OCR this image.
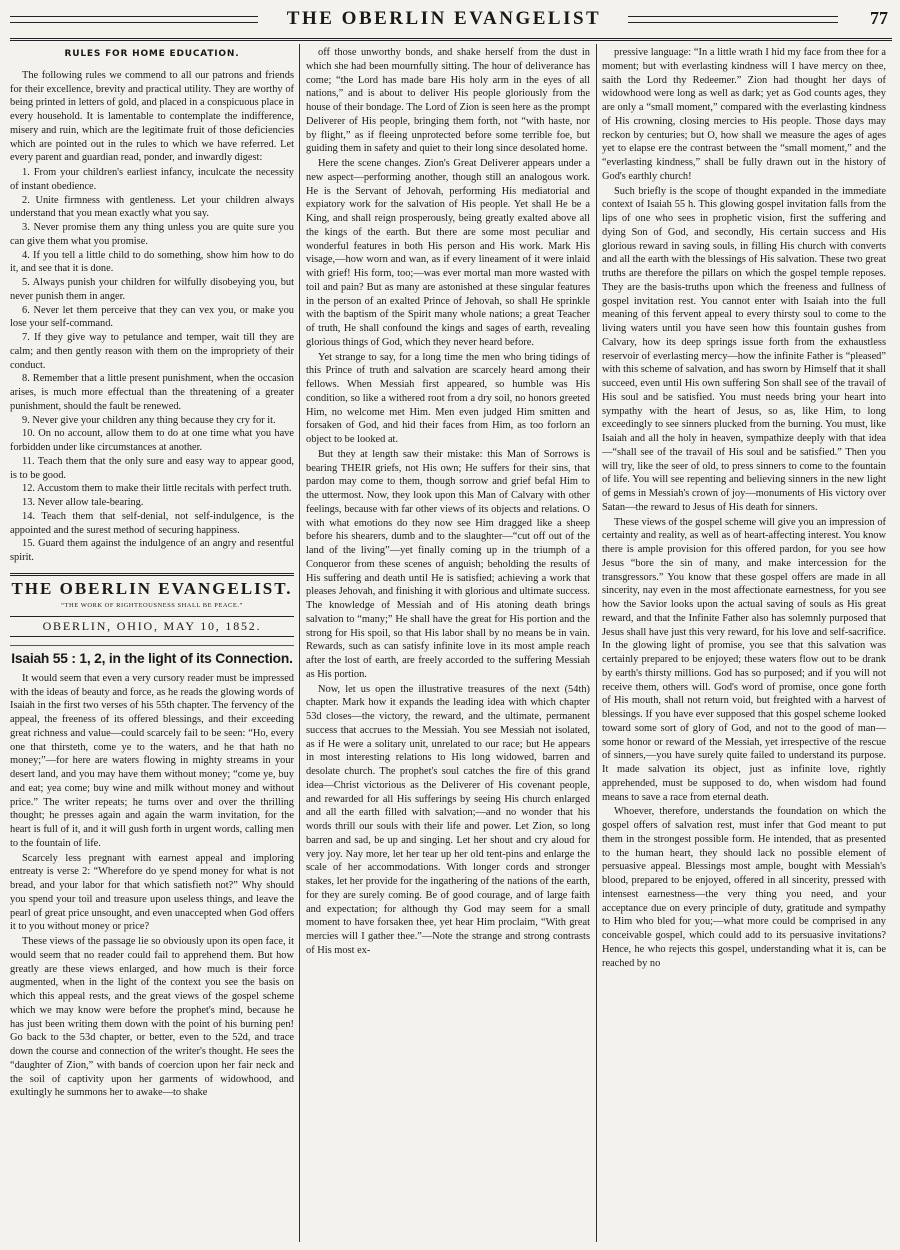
THE OBERLIN EVANGELIST	77
RULES FOR HOME EDUCATION.

The following rules we commend to all our patrons and friends for their excellence, brevity and practical utility. They are worthy of being printed in letters of gold, and placed in a conspicuous place in every household. It is lamentable to contemplate the indifference, misery and ruin, which are the legitimate fruit of those deficiencies which are pointed out in the rules to which we have referred. Let every parent and guardian read, ponder, and inwardly digest:

1. From your children's earliest infancy, inculcate the necessity of instant obedience.

2. Unite firmness with gentleness. Let your children always understand that you mean exactly what you say.

3. Never promise them any thing unless you are quite sure you can give them what you promise.

4. If you tell a little child to do something, show him how to do it, and see that it is done.

5. Always punish your children for wilfully disobeying you, but never punish them in anger.

6. Never let them perceive that they can vex you, or make you lose your self-command.

7. If they give way to petulance and temper, wait till they are calm; and then gently reason with them on the impropriety of their conduct.

8. Remember that a little present punishment, when the occasion arises, is much more effectual than the threatening of a greater punishment, should the fault be renewed.

9. Never give your children any thing because they cry for it.

10. On no account, allow them to do at one time what you have forbidden under like circumstances at another.

11. Teach them that the only sure and easy way to appear good, is to be good.

12. Accustom them to make their little recitals with perfect truth.

13. Never allow tale-bearing.

14. Teach them that self-denial, not self-indulgence, is the appointed and the surest method of securing happiness.

15. Guard them against the indulgence of an angry and resentful spirit.

THE OBERLIN EVANGELIST.
“THE WORK OF RIGHTEOUSNESS SHALL BE PEACE.”
OBERLIN, OHIO, MAY 10, 1852.
Isaiah 55 : 1, 2, in the light of its Connection.

It would seem that even a very cursory reader must be impressed with the ideas of beauty and force, as he reads the glowing words of Isaiah in the first two verses of his 55th chapter. The fervency of the appeal, the freeness of its offered blessings, and their exceeding great richness and value—could scarcely fail to be seen: “Ho, every one that thirsteth, come ye to the waters, and he that hath no money;”—for here are waters flowing in mighty streams in your desert land, and you may have them without money; “come ye, buy and eat; yea come; buy wine and milk without money and without price.” The writer repeats; he turns over and over the thrilling thought; he presses again and again the warm invitation, for the heart is full of it, and it will gush forth in urgent words, calling men to the fountain of life.

Scarcely less pregnant with earnest appeal and imploring entreaty is verse 2: “Wherefore do ye spend money for what is not bread, and your labor for that which satisfieth not?” Why should you spend your toil and treasure upon useless things, and leave the pearl of great price unsought, and even unaccepted when God offers it to you without money or price?

These views of the passage lie so obviously upon its open face, it would seem that no reader could fail to apprehend them. But how greatly are these views enlarged, and how much is their force augmented, when in the light of the context you see the basis on which this appeal rests, and the great views of the gospel scheme which we may know were before the prophet's mind, because he has just been writing them down with the point of his burning pen! Go back to the 53d chapter, or better, even to the 52d, and trace down the course and connection of the writer's thought. He sees the “daughter of Zion,” with bands of coercion upon her fair neck and the soil of captivity upon her garments of widowhood, and exultingly he summons her to awake—to shake

off those unworthy bonds, and shake herself from the dust in which she had been mournfully sitting. The hour of deliverance has come; “the Lord has made bare His holy arm in the eyes of all nations,” and is about to deliver His people gloriously from the house of their bondage. The Lord of Zion is seen here as the prompt Deliverer of His people, bringing them forth, not “with haste, nor by flight,” as if fleeing unprotected before some terrible foe, but guiding them in safety and quiet to their long since desolated home.

Here the scene changes. Zion's Great Deliverer appears under a new aspect—performing another, though still an analogous work. He is the Servant of Jehovah, performing His mediatorial and expiatory work for the salvation of His people. Yet shall He be a King, and shall reign prosperously, being greatly exalted above all the kings of the earth. But there are some most peculiar and wonderful features in both His person and His work. Mark His visage,—how worn and wan, as if every lineament of it were inlaid with grief! His form, too;—was ever mortal man more wasted with toil and pain? But as many are astonished at these singular features in the person of an exalted Prince of Jehovah, so shall He sprinkle with the baptism of the Spirit many whole nations; a great Teacher of truth, He shall confound the kings and sages of earth, revealing glorious things of God, which they never heard before.

Yet strange to say, for a long time the men who bring tidings of this Prince of truth and salvation are scarcely heard among their fellows. When Messiah first appeared, so humble was His condition, so like a withered root from a dry soil, no honors greeted Him, no welcome met Him. Men even judged Him smitten and forsaken of God, and hid their faces from Him, as too forlorn an object to be looked at.

But they at length saw their mistake: this Man of Sorrows is bearing THEIR griefs, not His own; He suffers for their sins, that pardon may come to them, though sorrow and grief befal Him to the uttermost. Now, they look upon this Man of Calvary with other feelings, because with far other views of its objects and relations. O with what emotions do they now see Him dragged like a sheep before his shearers, dumb and to the slaughter—“cut off out of the land of the living”—yet finally coming up in the triumph of a Conqueror from these scenes of anguish; beholding the results of His suffering and death until He is satisfied; achieving a work that pleases Jehovah, and finishing it with glorious and ultimate success. The knowledge of Messiah and of His atoning death brings salvation to “many;” He shall have the great for His portion and the strong for His spoil, so that His labor shall by no means be in vain. Rewards, such as can satisfy infinite love in its most ample reach after the lost of earth, are freely accorded to the suffering Messiah as His portion.

Now, let us open the illustrative treasures of the next (54th) chapter. Mark how it expands the leading idea with which chapter 53d closes—the victory, the reward, and the ultimate, permanent success that accrues to the Messiah. You see Messiah not isolated, as if He were a solitary unit, unrelated to our race; but He appears in most interesting relations to His long widowed, barren and desolate church. The prophet's soul catches the fire of this grand idea—Christ victorious as the Deliverer of His covenant people, and rewarded for all His sufferings by seeing His church enlarged and all the earth filled with salvation;—and no wonder that his words thrill our souls with their life and power. Let Zion, so long barren and sad, be up and singing. Let her shout and cry aloud for very joy. Nay more, let her tear up her old tent-pins and enlarge the scale of her accommodations. With longer cords and stronger stakes, let her provide for the ingathering of the nations of the earth, for they are surely coming. Be of good courage, and of large faith and expectation; for although thy God may seem for a small moment to have forsaken thee, yet hear Him proclaim, “With great mercies will I gather thee.”—Note the strange and strong contrasts of His most ex-

pressive language: “In a little wrath I hid my face from thee for a moment; but with everlasting kindness will I have mercy on thee, saith the Lord thy Redeemer.” Zion had thought her days of widowhood were long as well as dark; yet as God counts ages, they are only a “small moment,” compared with the everlasting kindness of His crowning, closing mercies to His people. Those days may reckon by centuries; but O, how shall we measure the ages of ages yet to elapse ere the contrast between the “small moment,” and the “everlasting kindness,” shall be fully drawn out in the history of God's earthly church!

Such briefly is the scope of thought expanded in the immediate context of Isaiah 55 h. This glowing gospel invitation falls from the lips of one who sees in prophetic vision, first the suffering and dying Son of God, and secondly, His certain success and His glorious reward in saving souls, in filling His church with converts and all the earth with the blessings of His salvation. These two great truths are therefore the pillars on which the gospel temple reposes. They are the basis-truths upon which the freeness and fullness of gospel invitation rest. You cannot enter with Isaiah into the full meaning of this fervent appeal to every thirsty soul to come to the living waters until you have seen how this fountain gushes from Calvary, how its deep springs issue forth from the exhaustless reservoir of everlasting mercy—how the infinite Father is “pleased” with this scheme of salvation, and has sworn by Himself that it shall succeed, even until His own suffering Son shall see of the travail of His soul and be satisfied. You must needs bring your heart into sympathy with the heart of Jesus, so as, like Him, to long exceedingly to see sinners plucked from the burning. You must, like Isaiah and all the holy in heaven, sympathize deeply with that idea—“shall see of the travail of His soul and be satisfied.” Then you will try, like the seer of old, to press sinners to come to the fountain of life. You will see repenting and believing sinners in the new light of gems in Messiah's crown of joy—monuments of His victory over Satan—the reward to Jesus of His death for sinners.

These views of the gospel scheme will give you an impression of certainty and reality, as well as of heart-affecting interest. You know there is ample provision for this offered pardon, for you see how Jesus “bore the sin of many, and make intercession for the transgressors.” You know that these gospel offers are made in all sincerity, nay even in the most affectionate earnestness, for you see how the Savior looks upon the actual saving of souls as His great reward, and that the Infinite Father also has solemnly purposed that Jesus shall have just this very reward, for his love and self-sacrifice. In the glowing light of promise, you see that this salvation was certainly prepared to be enjoyed; these waters flow out to be drank by earth's thirsty millions. God has so purposed; and if you will not receive them, others will. God's word of promise, once gone forth of His mouth, shall not return void, but freighted with a harvest of blessings. If you have ever supposed that this gospel scheme looked toward some sort of glory of God, and not to the good of man—some honor or reward of the Messiah, yet irrespective of the rescue of sinners,—you have surely quite failed to understand its purpose. It made salvation its object, just as infinite love, rightly apprehended, must be supposed to do, when wisdom had found means to save a race from eternal death.

Whoever, therefore, understands the foundation on which the gospel offers of salvation rest, must infer that God meant to put them in the strongest possible form. He intended, that as presented to the human heart, they should lack no possible element of persuasive appeal. Blessings most ample, bought with Messiah's blood, prepared to be enjoyed, offered in all sincerity, pressed with intensest earnestness—the very thing you need, and your acceptance due on every principle of duty, gratitude and sympathy to Him who bled for you;—what more could be comprised in any conceivable gospel, which could add to its persuasive invitations? Hence, he who rejects this gospel, understanding what it is, can be reached by no
